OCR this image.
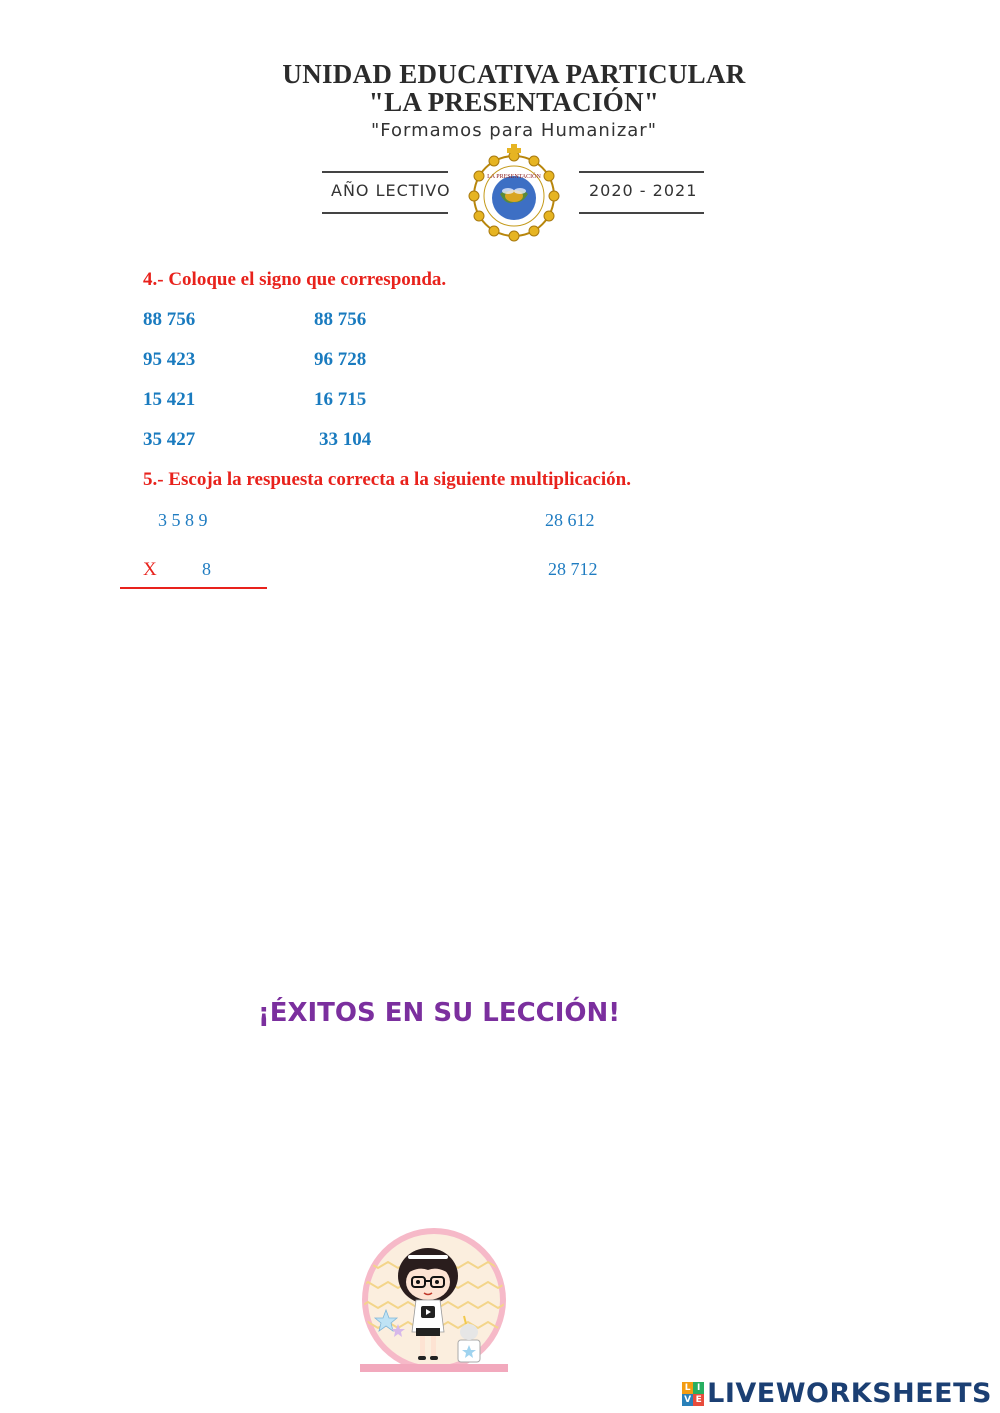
UNIDAD EDUCATIVA PARTICULAR
"LA PRESENTACIÓN"
"Formamos para Humanizar"
AÑO LECTIVO	2020 - 2021
LA PRESENTACIÓN
4.- Coloque el signo que corresponda.
88 756	88 756
95 423	96 728
15 421	16 715
35 427	33 104
5.- Escoja la respuesta correcta a la siguiente multiplicación.
3 5 8 9
X	8
28 612
28 712
¡ÉXITOS EN SU LECCIÓN!
L I
V E LIVEWORKSHEETS
